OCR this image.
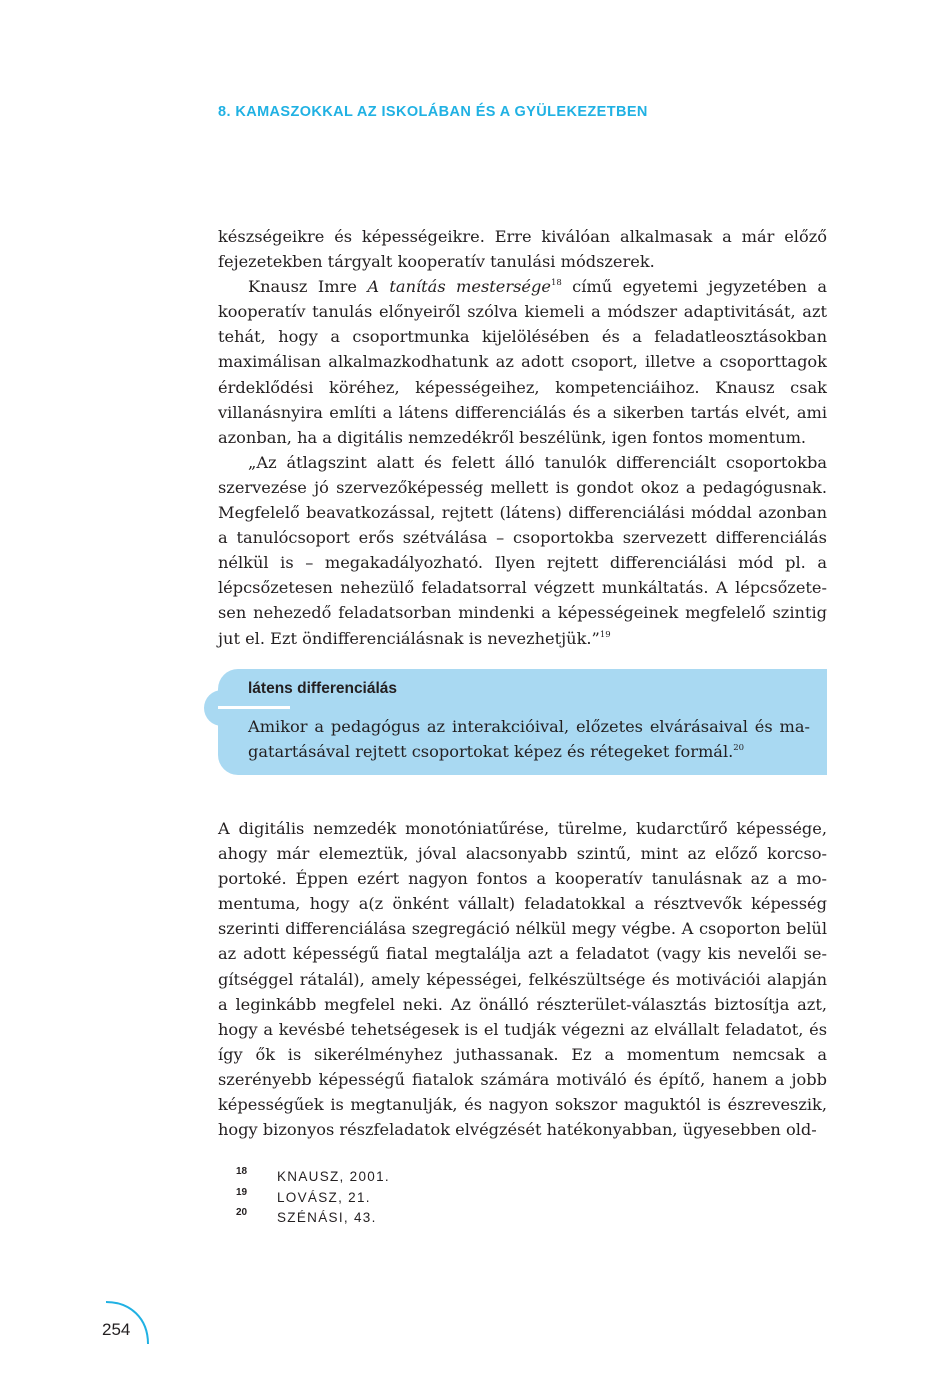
8. KAMASZOKKAL AZ ISKOLÁBAN ÉS A GYÜLEKEZETBEN

készségeikre és képességeikre. Erre kiválóan alkalmasak a már előző fejezetekben tárgyalt kooperatív tanulási módszerek.

Knausz Imre A tanítás mestersége$^{18}$ című egyetemi jegyzetében a kooperatív tanulás előnyeiről szólva kiemeli a módszer adaptivitását, azt tehát, hogy a csoportmunka kijelölésében és a feladatleosztásokban maximálisan alkalmazkodhatunk az adott csoport, illetve a csoporttagok érdeklődési köréhez, képességeihez, kompetenciáihoz. Knausz csak villanásnyira említi a látens differenciálás és a sikerben tartás elvét, ami azonban, ha a digitális nemzedékről beszélünk, igen fontos momentum.

„Az átlagszint alatt és felett álló tanulók differenciált csoportokba szervezése jó szervezőképesség mellett is gondot okoz a pedagógusnak. Megfelelő beavatkozással, rejtett (látens) differenciálási móddal azonban a tanulócsoport erős szétválása – csoportokba szervezett differenciálás nélkül is – megakadályozható. Ilyen rejtett differenciálási mód pl. a lépcsőzetesen nehezülő feladatsorral végzett munkáltatás. A lépcsőzetesen nehezedő feladatsorban mindenki a képességeinek megfelelő szintig jut el. Ezt öndifferenciálásnak is nevezhetjük.”$^{19}$

látens differenciálás
Amikor a pedagógus az interakcióival, előzetes elvárásaival és magatartásával rejtett csoportokat képez és rétegeket formál.$^{20}$

A digitális nemzedék monotóniatűrése, türelme, kudarctűrő képessége, ahogy már elemeztük, jóval alacsonyabb szintű, mint az előző korcsoportoké. Éppen ezért nagyon fontos a kooperatív tanulásnak az a momentuma, hogy a(z önként vállalt) feladatokkal a résztvevők képesség szerinti differenciálása szegregáció nélkül megy végbe. A csoporton belül az adott képességű fiatal megtalálja azt a feladatot (vagy kis nevelői segítséggel rátalál), amely képességei, felkészültsége és motivációi alapján a leginkább megfelel neki. Az önálló részterület-választás biztosítja azt, hogy a kevésbé tehetségesek is el tudják végezni az elvállalt feladatot, és így ők is sikerélményhez juthassanak. Ez a momentum nemcsak a szerényebb képességű fiatalok számára motiváló és építő, hanem a jobb képességűek is megtanulják, és nagyon sokszor maguktól is észreveszik, hogy bizonyos részfeladatok elvégzését hatékonyabban, ügyesebben old-

18 KNAUSZ, 2001.
19 LOVÁSZ, 21.
20 SZÉNÁSI, 43.
254
